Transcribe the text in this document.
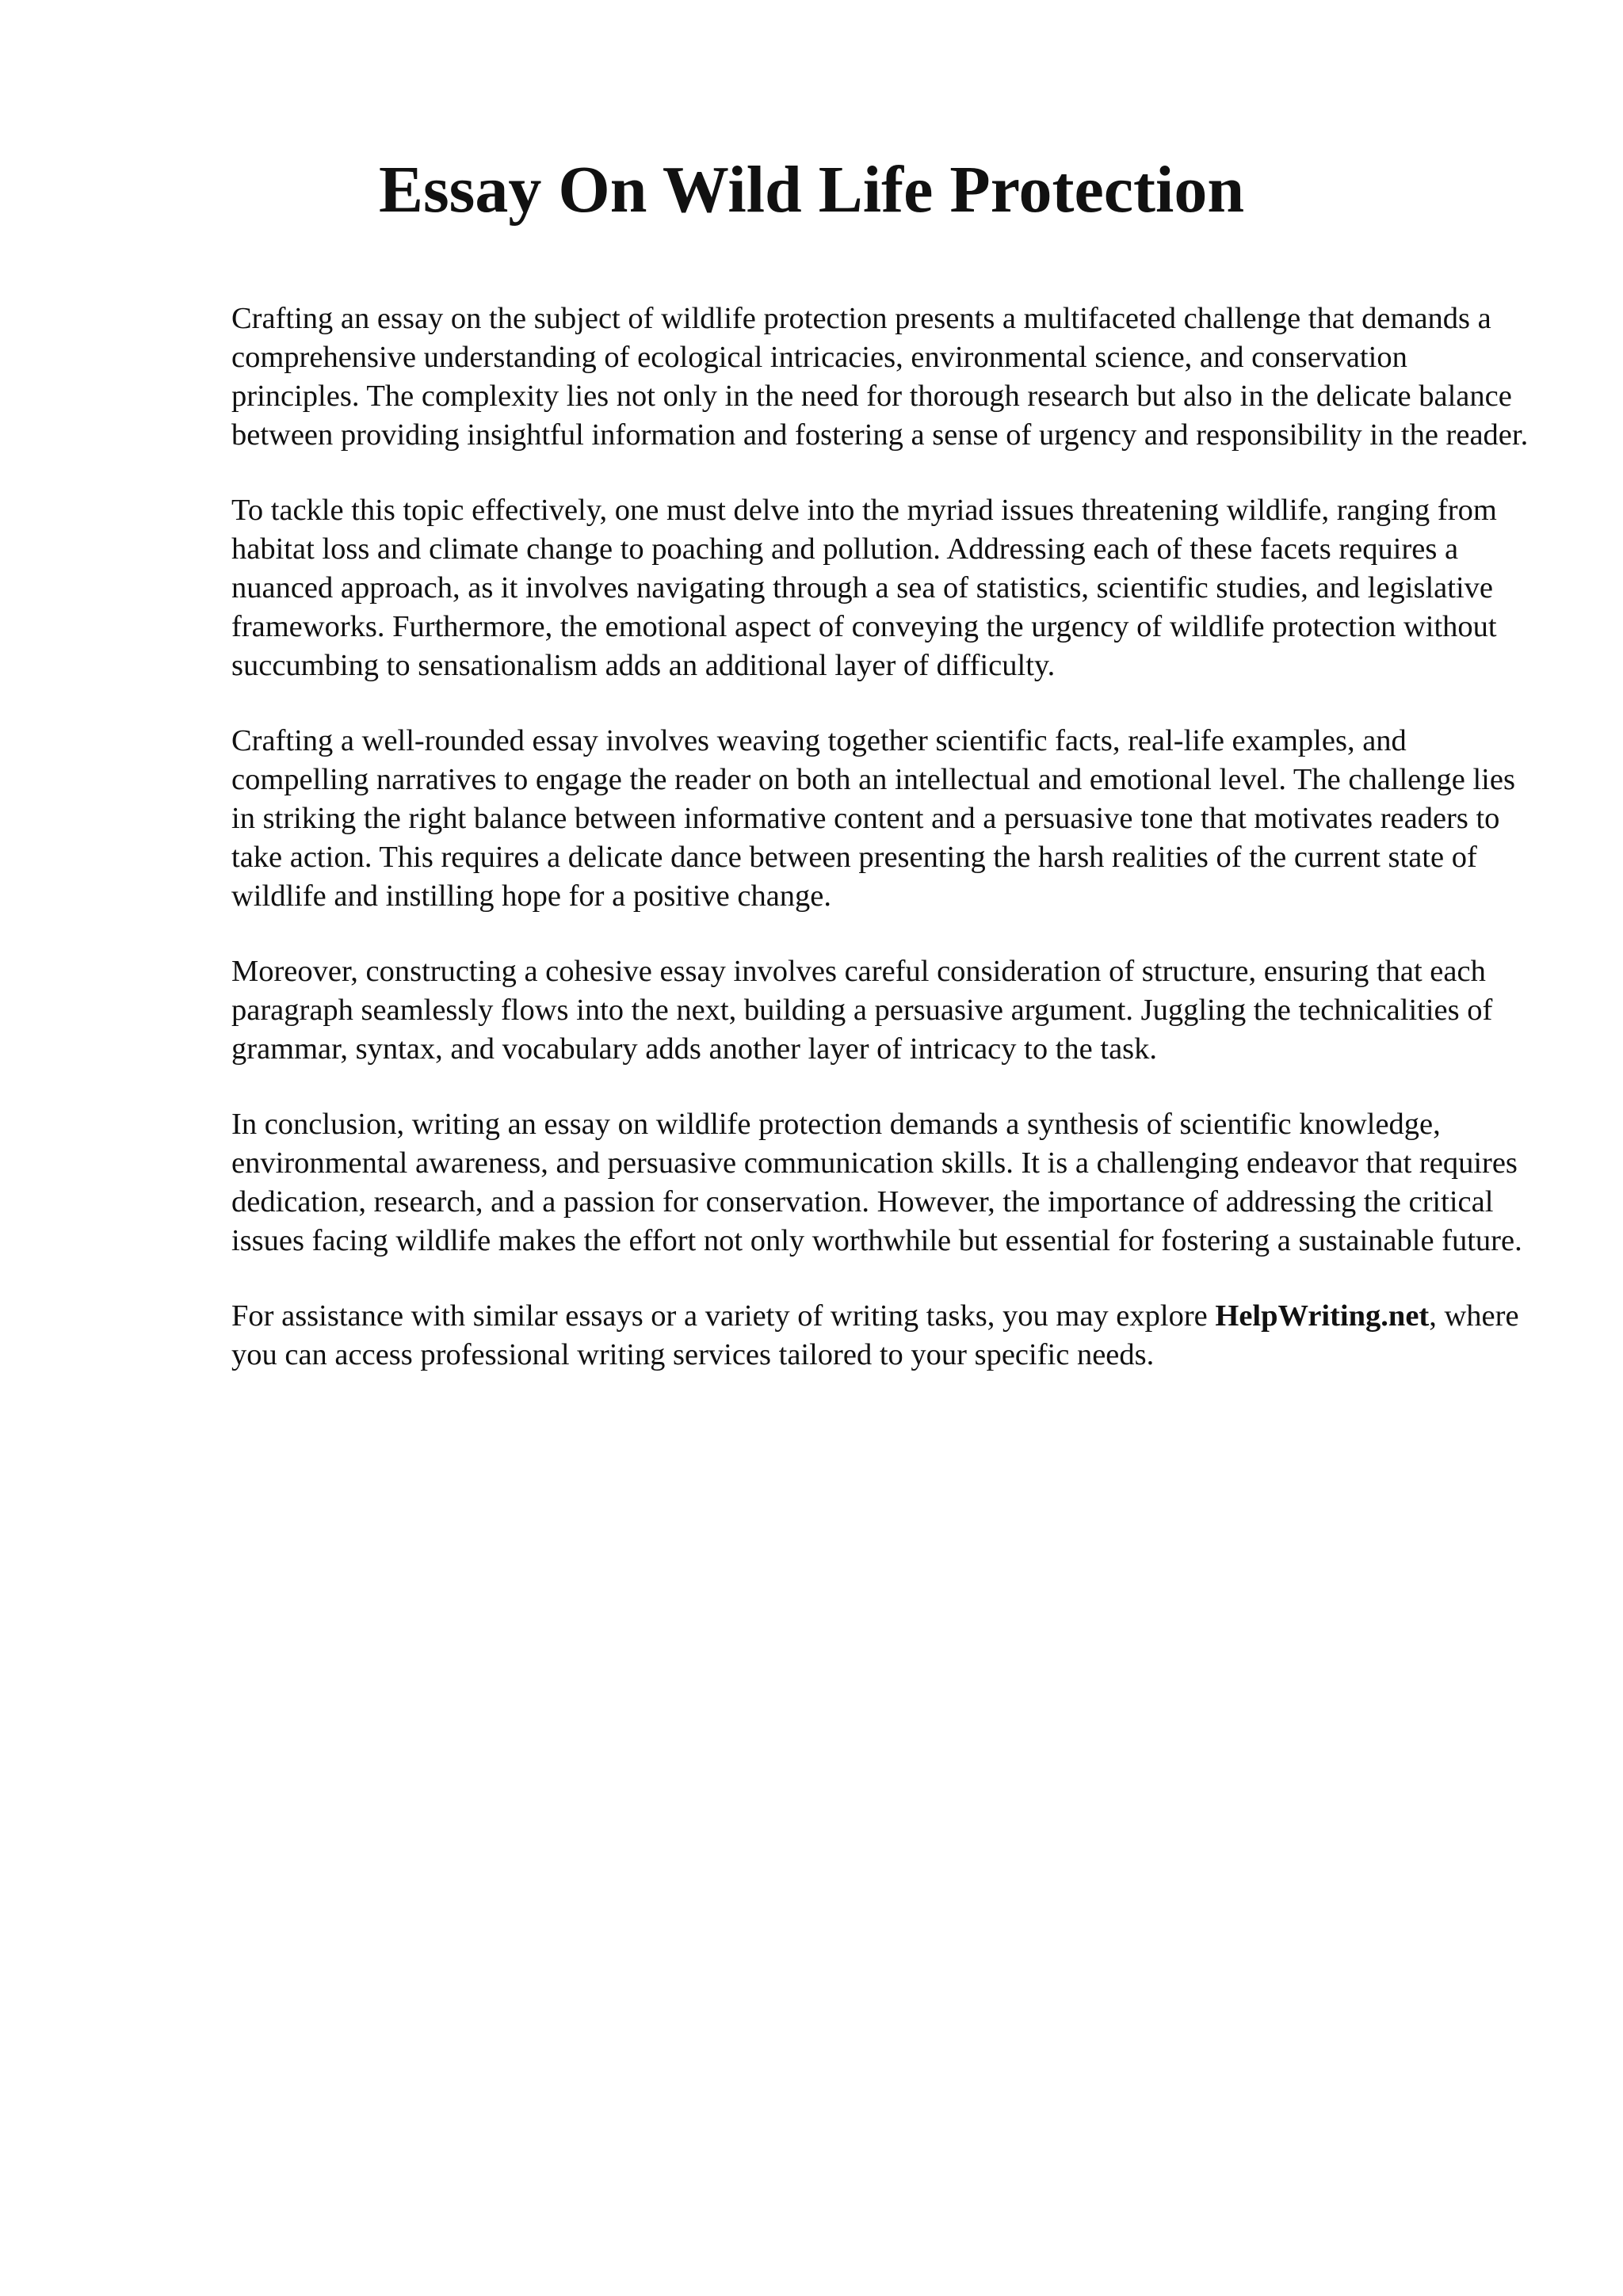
Essay On Wild Life Protection

Crafting an essay on the subject of wildlife protection presents a multifaceted challenge that demands a comprehensive understanding of ecological intricacies, environmental science, and conservation principles. The complexity lies not only in the need for thorough research but also in the delicate balance between providing insightful information and fostering a sense of urgency and responsibility in the reader.

To tackle this topic effectively, one must delve into the myriad issues threatening wildlife, ranging from habitat loss and climate change to poaching and pollution. Addressing each of these facets requires a nuanced approach, as it involves navigating through a sea of statistics, scientific studies, and legislative frameworks. Furthermore, the emotional aspect of conveying the urgency of wildlife protection without succumbing to sensationalism adds an additional layer of difficulty.

Crafting a well-rounded essay involves weaving together scientific facts, real-life examples, and compelling narratives to engage the reader on both an intellectual and emotional level. The challenge lies in striking the right balance between informative content and a persuasive tone that motivates readers to take action. This requires a delicate dance between presenting the harsh realities of the current state of wildlife and instilling hope for a positive change.

Moreover, constructing a cohesive essay involves careful consideration of structure, ensuring that each paragraph seamlessly flows into the next, building a persuasive argument. Juggling the technicalities of grammar, syntax, and vocabulary adds another layer of intricacy to the task.

In conclusion, writing an essay on wildlife protection demands a synthesis of scientific knowledge, environmental awareness, and persuasive communication skills. It is a challenging endeavor that requires dedication, research, and a passion for conservation. However, the importance of addressing the critical issues facing wildlife makes the effort not only worthwhile but essential for fostering a sustainable future.

For assistance with similar essays or a variety of writing tasks, you may explore HelpWriting.net, where you can access professional writing services tailored to your specific needs.
